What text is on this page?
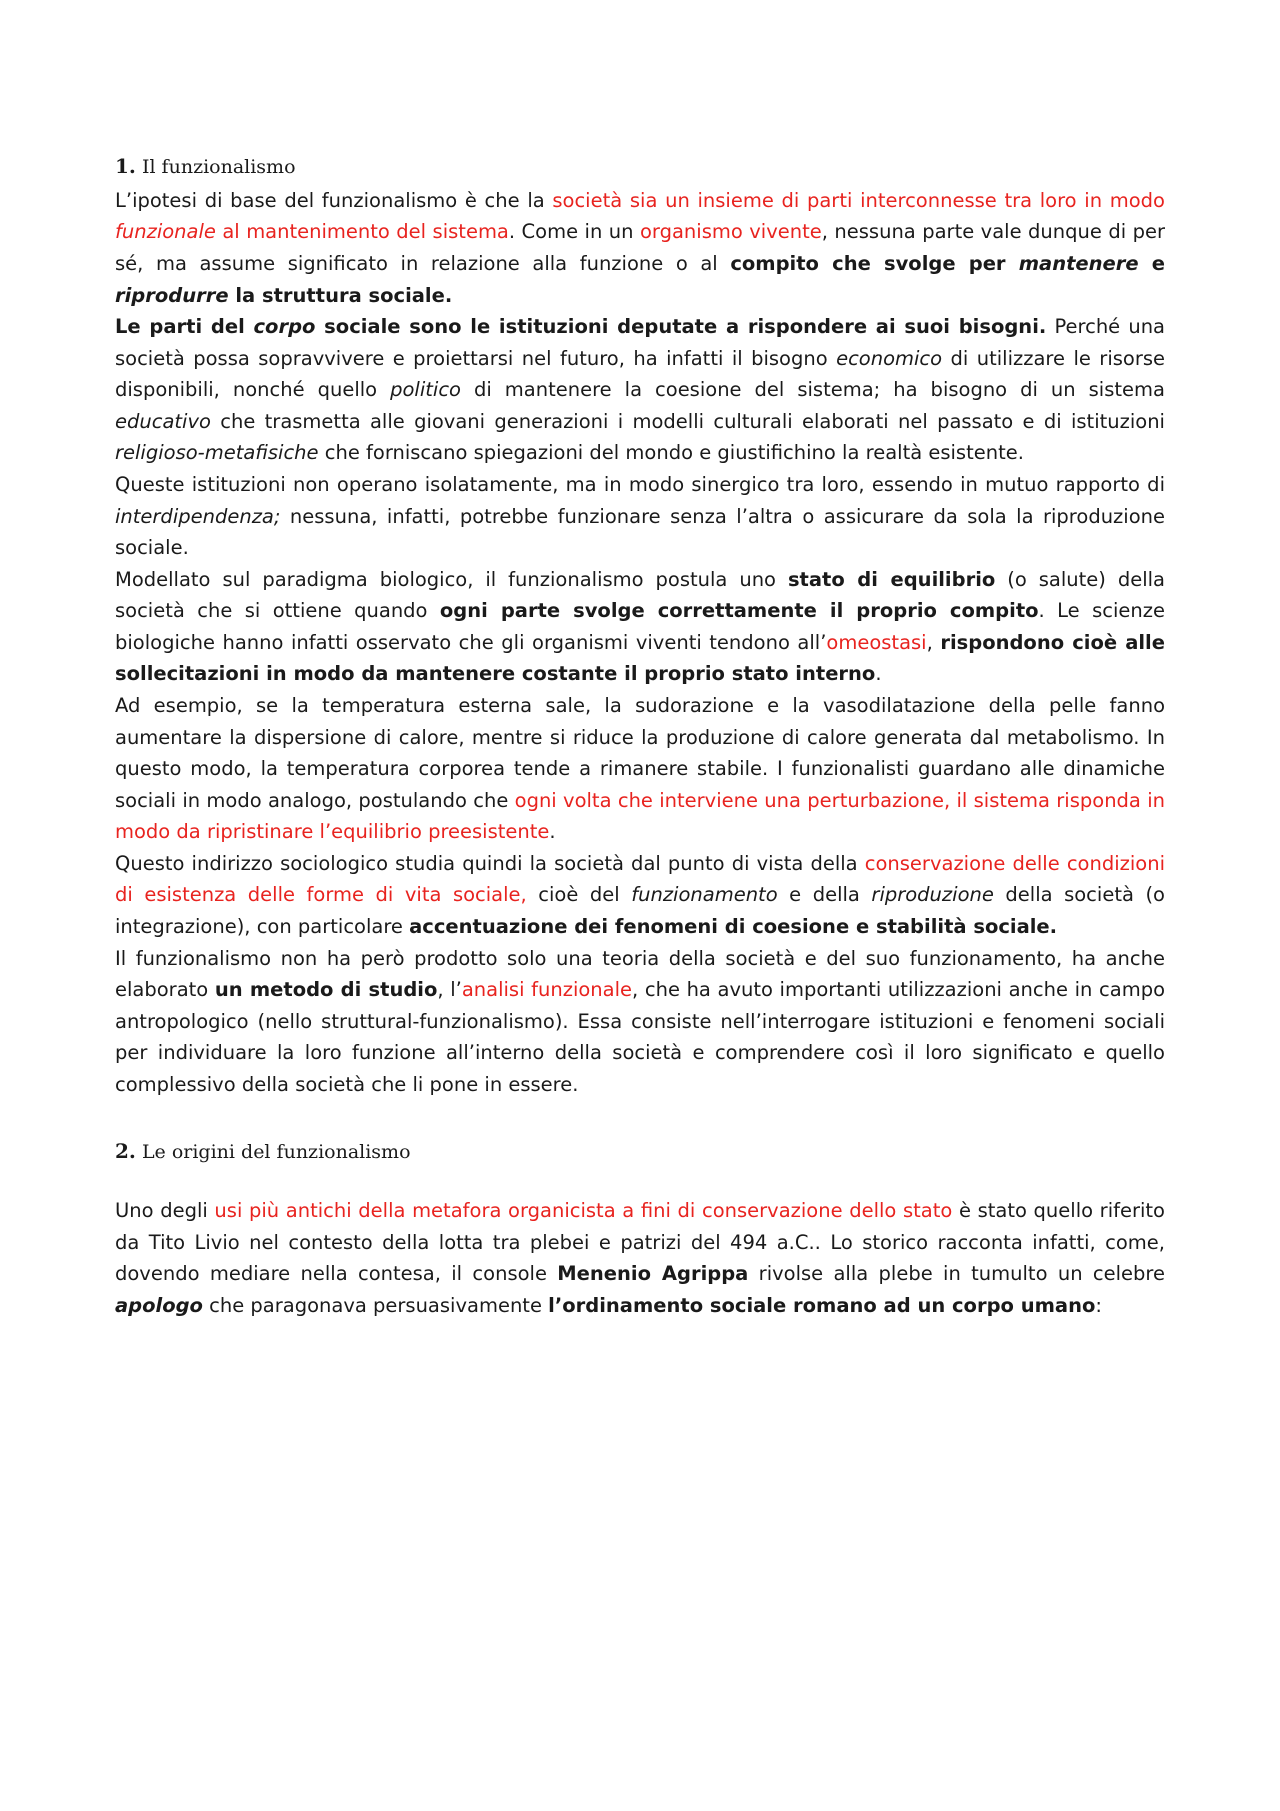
1. Il funzionalismo

L’ipotesi di base del funzionalismo è che la società sia un insieme di parti interconnesse tra loro in modo funzionale al mantenimento del sistema. Come in un organismo vivente, nessuna parte vale dunque di per sé, ma assume significato in relazione alla funzione o al compito che svolge per mantenere e riprodurre la struttura sociale.

Le parti del corpo sociale sono le istituzioni deputate a rispondere ai suoi bisogni. Perché una società possa sopravvivere e proiettarsi nel futuro, ha infatti il bisogno economico di utilizzare le risorse disponibili, nonché quello politico di mantenere la coesione del sistema; ha bisogno di un sistema educativo che trasmetta alle giovani generazioni i modelli culturali elaborati nel passato e di istituzioni religioso-metafisiche che forniscano spiegazioni del mondo e giustifichino la realtà esistente.

Queste istituzioni non operano isolatamente, ma in modo sinergico tra loro, essendo in mutuo rapporto di interdipendenza; nessuna, infatti, potrebbe funzionare senza l’altra o assicurare da sola la riproduzione sociale.

Modellato sul paradigma biologico, il funzionalismo postula uno stato di equilibrio (o salute) della società che si ottiene quando ogni parte svolge correttamente il proprio compito. Le scienze biologiche hanno infatti osservato che gli organismi viventi tendono all’omeostasi, rispondono cioè alle sollecitazioni in modo da mantenere costante il proprio stato interno.

Ad esempio, se la temperatura esterna sale, la sudorazione e la vasodilatazione della pelle fanno aumentare la dispersione di calore, mentre si riduce la produzione di calore generata dal metabolismo. In questo modo, la temperatura corporea tende a rimanere stabile. I funzionalisti guardano alle dinamiche sociali in modo analogo, postulando che ogni volta che interviene una perturbazione, il sistema risponda in modo da ripristinare l’equilibrio preesistente.

Questo indirizzo sociologico studia quindi la società dal punto di vista della conservazione delle condizioni di esistenza delle forme di vita sociale, cioè del funzionamento e della riproduzione della società (o integrazione), con particolare accentuazione dei fenomeni di coesione e stabilità sociale.

Il funzionalismo non ha però prodotto solo una teoria della società e del suo funzionamento, ha anche elaborato un metodo di studio, l’analisi funzionale, che ha avuto importanti utilizzazioni anche in campo antropologico (nello struttural-funzionalismo). Essa consiste nell’interrogare istituzioni e fenomeni sociali per individuare la loro funzione all’interno della società e comprendere così il loro significato e quello complessivo della società che li pone in essere.

2. Le origini del funzionalismo

Uno degli usi più antichi della metafora organicista a fini di conservazione dello stato è stato quello riferito da Tito Livio nel contesto della lotta tra plebei e patrizi del 494 a.C.. Lo storico racconta infatti, come, dovendo mediare nella contesa, il console Menenio Agrippa rivolse alla plebe in tumulto un celebre apologo che paragonava persuasivamente l’ordinamento sociale romano ad un corpo umano:
